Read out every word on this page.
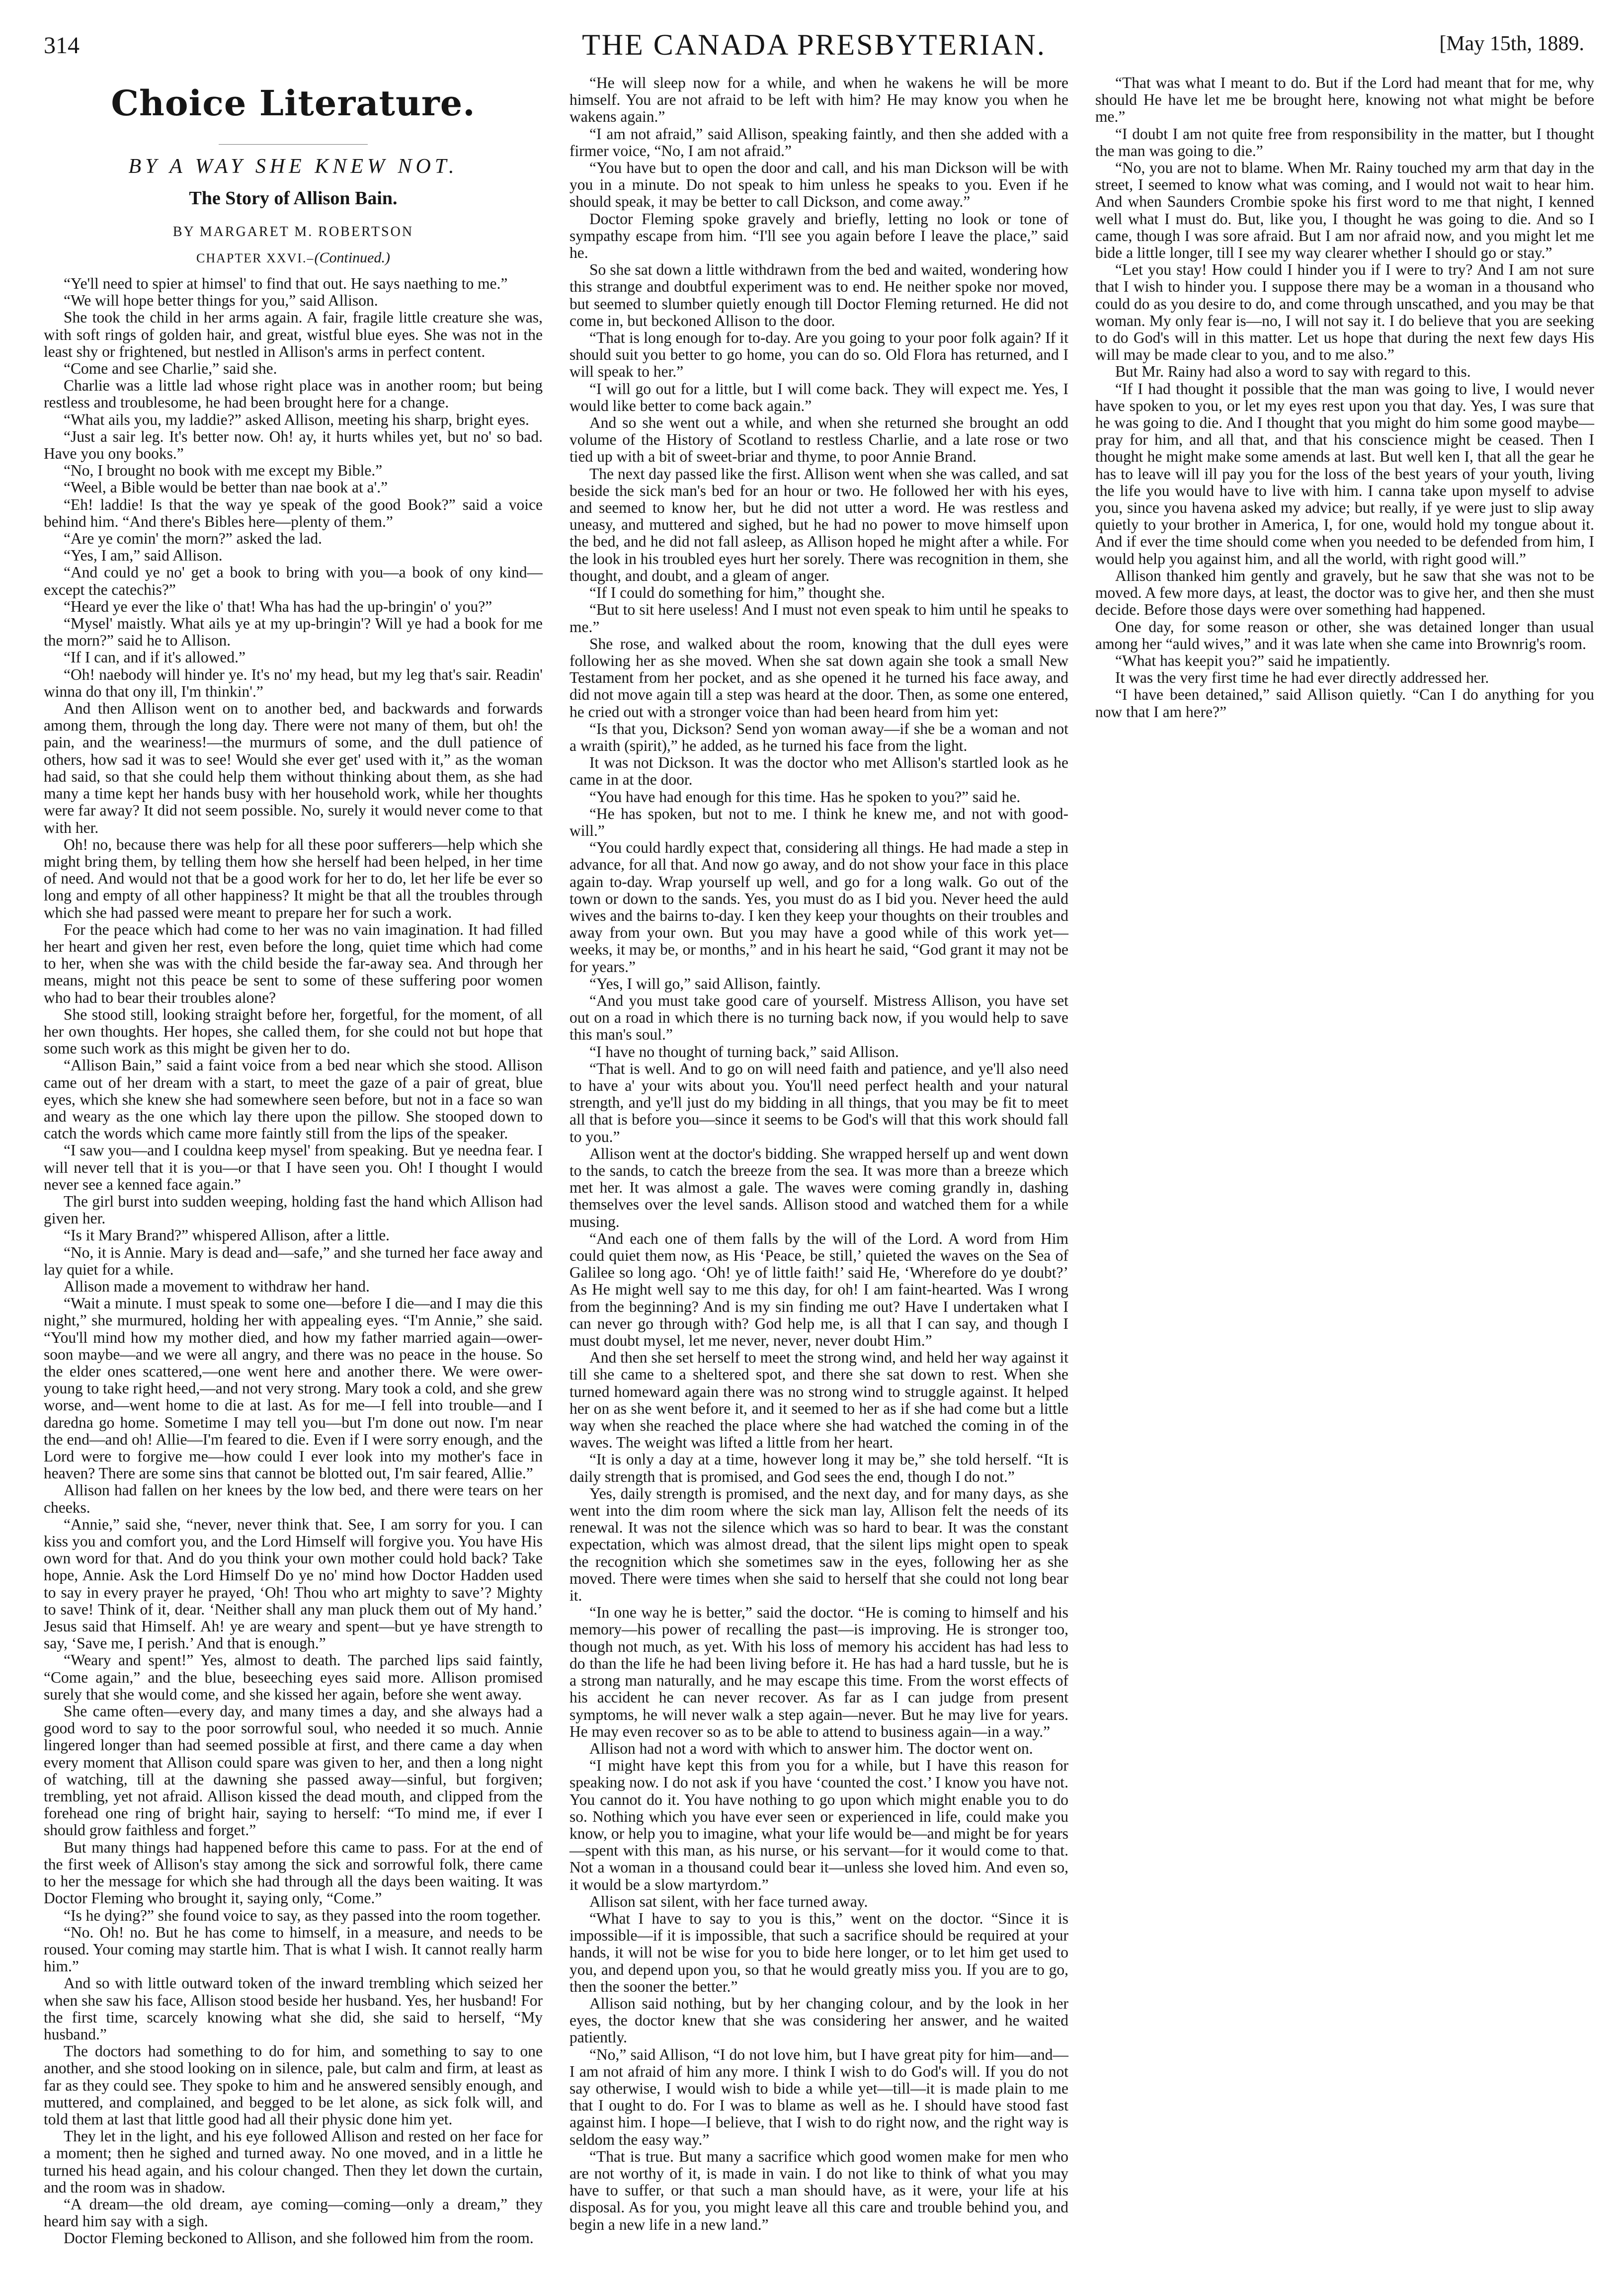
314	THE CANADA PRESBYTERIAN.	[May 15th, 1889.
Choice Literature.
BY A WAY SHE KNEW NOT.
The Story of Allison Bain.
BY MARGARET M. ROBERTSON
CHAPTER XXVI.–(Continued.)

“Ye'll need to spier at himsel' to find that out. He says naething to me.”

“We will hope better things for you,” said Allison.

She took the child in her arms again. A fair, fragile little creature she was, with soft rings of golden hair, and great, wistful blue eyes. She was not in the least shy or frightened, but nestled in Allison's arms in perfect content.

“Come and see Charlie,” said she.

Charlie was a little lad whose right place was in another room; but being restless and troublesome, he had been brought here for a change.

“What ails you, my laddie?” asked Allison, meeting his sharp, bright eyes.

“Just a sair leg. It's better now. Oh! ay, it hurts whiles yet, but no' so bad. Have you ony books.”

“No, I brought no book with me except my Bible.”

“Weel, a Bible would be better than nae book at a'.”

“Eh! laddie! Is that the way ye speak of the good Book?” said a voice behind him. “And there's Bibles here—plenty of them.”

“Are ye comin' the morn?” asked the lad.

“Yes, I am,” said Allison.

“And could ye no' get a book to bring with you—a book of ony kind—except the catechis?”

“Heard ye ever the like o' that! Wha has had the up-bringin' o' you?”

“Mysel' maistly. What ails ye at my up-bringin'? Will ye had a book for me the morn?” said he to Allison.

“If I can, and if it's allowed.”

“Oh! naebody will hinder ye. It's no' my head, but my leg that's sair. Readin' winna do that ony ill, I'm thinkin'.”

And then Allison went on to another bed, and backwards and forwards among them, through the long day. There were not many of them, but oh! the pain, and the weariness!—the murmurs of some, and the dull patience of others, how sad it was to see! Would she ever get' used with it,” as the woman had said, so that she could help them without thinking about them, as she had many a time kept her hands busy with her household work, while her thoughts were far away? It did not seem possible. No, surely it would never come to that with her.

Oh! no, because there was help for all these poor sufferers—help which she might bring them, by telling them how she herself had been helped, in her time of need. And would not that be a good work for her to do, let her life be ever so long and empty of all other happiness? It might be that all the troubles through which she had passed were meant to prepare her for such a work.

For the peace which had come to her was no vain imagination. It had filled her heart and given her rest, even before the long, quiet time which had come to her, when she was with the child beside the far-away sea. And through her means, might not this peace be sent to some of these suffering poor women who had to bear their troubles alone?

She stood still, looking straight before her, forgetful, for the moment, of all her own thoughts. Her hopes, she called them, for she could not but hope that some such work as this might be given her to do.

“Allison Bain,” said a faint voice from a bed near which she stood. Allison came out of her dream with a start, to meet the gaze of a pair of great, blue eyes, which she knew she had somewhere seen before, but not in a face so wan and weary as the one which lay there upon the pillow. She stooped down to catch the words which came more faintly still from the lips of the speaker.

“I saw you—and I couldna keep mysel' from speaking. But ye needna fear. I will never tell that it is you—or that I have seen you. Oh! I thought I would never see a kenned face again.”

The girl burst into sudden weeping, holding fast the hand which Allison had given her.

“Is it Mary Brand?” whispered Allison, after a little.

“No, it is Annie. Mary is dead and—safe,” and she turned her face away and lay quiet for a while.

Allison made a movement to withdraw her hand.

“Wait a minute. I must speak to some one—before I die—and I may die this night,” she murmured, holding her with appealing eyes. “I'm Annie,” she said. “You'll mind how my mother died, and how my father married again—ower-soon maybe—and we were all angry, and there was no peace in the house. So the elder ones scattered,—one went here and another there. We were ower-young to take right heed,—and not very strong. Mary took a cold, and she grew worse, and—went home to die at last. As for me—I fell into trouble—and I daredna go home. Sometime I may tell you—but I'm done out now. I'm near the end—and oh! Allie—I'm feared to die. Even if I were sorry enough, and the Lord were to forgive me—how could I ever look into my mother's face in heaven? There are some sins that cannot be blotted out, I'm sair feared, Allie.”

Allison had fallen on her knees by the low bed, and there were tears on her cheeks.

“Annie,” said she, “never, never think that. See, I am sorry for you. I can kiss you and comfort you, and the Lord Himself will forgive you. You have His own word for that. And do you think your own mother could hold back? Take hope, Annie. Ask the Lord Himself Do ye no' mind how Doctor Hadden used to say in every prayer he prayed, ‘Oh! Thou who art mighty to save’? Mighty to save! Think of it, dear. ‘Neither shall any man pluck them out of My hand.’ Jesus said that Himself. Ah! ye are weary and spent—but ye have strength to say, ‘Save me, I perish.’ And that is enough.”

“Weary and spent!” Yes, almost to death. The parched lips said faintly, “Come again,” and the blue, beseeching eyes said more. Allison promised surely that she would come, and she kissed her again, before she went away.

She came often—every day, and many times a day, and she always had a good word to say to the poor sorrowful soul, who needed it so much. Annie lingered longer than had seemed possible at first, and there came a day when every moment that Allison could spare was given to her, and then a long night of watching, till at the dawning she passed away—sinful, but forgiven; trembling, yet not afraid. Allison kissed the dead mouth, and clipped from the forehead one ring of bright hair, saying to herself: “To mind me, if ever I should grow faithless and forget.”

But many things had happened before this came to pass. For at the end of the first week of Allison's stay among the sick and sorrowful folk, there came to her the message for which she had through all the days been waiting. It was Doctor Fleming who brought it, saying only, “Come.”

“Is he dying?” she found voice to say, as they passed into the room together.

“No. Oh! no. But he has come to himself, in a measure, and needs to be roused. Your coming may startle him. That is what I wish. It cannot really harm him.”

And so with little outward token of the inward trembling which seized her when she saw his face, Allison stood beside her husband. Yes, her husband! For the first time, scarcely knowing what she did, she said to herself, “My husband.”

The doctors had something to do for him, and something to say to one another, and she stood looking on in silence, pale, but calm and firm, at least as far as they could see. They spoke to him and he answered sensibly enough, and muttered, and complained, and begged to be let alone, as sick folk will, and told them at last that little good had all their physic done him yet.

They let in the light, and his eye followed Allison and rested on her face for a moment; then he sighed and turned away. No one moved, and in a little he turned his head again, and his colour changed. Then they let down the curtain, and the room was in shadow.

“A dream—the old dream, aye coming—coming—only a dream,” they heard him say with a sigh.

Doctor Fleming beckoned to Allison, and she followed him from the room.

“He will sleep now for a while, and when he wakens he will be more himself. You are not afraid to be left with him? He may know you when he wakens again.”

“I am not afraid,” said Allison, speaking faintly, and then she added with a firmer voice, “No, I am not afraid.”

“You have but to open the door and call, and his man Dickson will be with you in a minute. Do not speak to him unless he speaks to you. Even if he should speak, it may be better to call Dickson, and come away.”

Doctor Fleming spoke gravely and briefly, letting no look or tone of sympathy escape from him. “I'll see you again before I leave the place,” said he.

So she sat down a little withdrawn from the bed and waited, wondering how this strange and doubtful experiment was to end. He neither spoke nor moved, but seemed to slumber quietly enough till Doctor Fleming returned. He did not come in, but beckoned Allison to the door.

“That is long enough for to-day. Are you going to your poor folk again? If it should suit you better to go home, you can do so. Old Flora has returned, and I will speak to her.”

“I will go out for a little, but I will come back. They will expect me. Yes, I would like better to come back again.”

And so she went out a while, and when she returned she brought an odd volume of the History of Scotland to restless Charlie, and a late rose or two tied up with a bit of sweet-briar and thyme, to poor Annie Brand.

The next day passed like the first. Allison went when she was called, and sat beside the sick man's bed for an hour or two. He followed her with his eyes, and seemed to know her, but he did not utter a word. He was restless and uneasy, and muttered and sighed, but he had no power to move himself upon the bed, and he did not fall asleep, as Allison hoped he might after a while. For the look in his troubled eyes hurt her sorely. There was recognition in them, she thought, and doubt, and a gleam of anger.

“If I could do something for him,” thought she.

“But to sit here useless! And I must not even speak to him until he speaks to me.”

She rose, and walked about the room, knowing that the dull eyes were following her as she moved. When she sat down again she took a small New Testament from her pocket, and as she opened it he turned his face away, and did not move again till a step was heard at the door. Then, as some one entered, he cried out with a stronger voice than had been heard from him yet:

“Is that you, Dickson? Send yon woman away—if she be a woman and not a wraith (spirit),” he added, as he turned his face from the light.

It was not Dickson. It was the doctor who met Allison's startled look as he came in at the door.

“You have had enough for this time. Has he spoken to you?” said he.

“He has spoken, but not to me. I think he knew me, and not with good-will.”

“You could hardly expect that, considering all things. He had made a step in advance, for all that. And now go away, and do not show your face in this place again to-day. Wrap yourself up well, and go for a long walk. Go out of the town or down to the sands. Yes, you must do as I bid you. Never heed the auld wives and the bairns to-day. I ken they keep your thoughts on their troubles and away from your own. But you may have a good while of this work yet—weeks, it may be, or months,” and in his heart he said, “God grant it may not be for years.”

“Yes, I will go,” said Allison, faintly.

“And you must take good care of yourself. Mistress Allison, you have set out on a road in which there is no turning back now, if you would help to save this man's soul.”

“I have no thought of turning back,” said Allison.

“That is well. And to go on will need faith and patience, and ye'll also need to have a' your wits about you. You'll need perfect health and your natural strength, and ye'll just do my bidding in all things, that you may be fit to meet all that is before you—since it seems to be God's will that this work should fall to you.”

Allison went at the doctor's bidding. She wrapped herself up and went down to the sands, to catch the breeze from the sea. It was more than a breeze which met her. It was almost a gale. The waves were coming grandly in, dashing themselves over the level sands. Allison stood and watched them for a while musing.

“And each one of them falls by the will of the Lord. A word from Him could quiet them now, as His ‘Peace, be still,’ quieted the waves on the Sea of Galilee so long ago. ‘Oh! ye of little faith!’ said He, ‘Wherefore do ye doubt?’ As He might well say to me this day, for oh! I am faint-hearted. Was I wrong from the beginning? And is my sin finding me out? Have I undertaken what I can never go through with? God help me, is all that I can say, and though I must doubt mysel, let me never, never, never doubt Him.”

And then she set herself to meet the strong wind, and held her way against it till she came to a sheltered spot, and there she sat down to rest. When she turned homeward again there was no strong wind to struggle against. It helped her on as she went before it, and it seemed to her as if she had come but a little way when she reached the place where she had watched the coming in of the waves. The weight was lifted a little from her heart.

“It is only a day at a time, however long it may be,” she told herself. “It is daily strength that is promised, and God sees the end, though I do not.”

Yes, daily strength is promised, and the next day, and for many days, as she went into the dim room where the sick man lay, Allison felt the needs of its renewal. It was not the silence which was so hard to bear. It was the constant expectation, which was almost dread, that the silent lips might open to speak the recognition which she sometimes saw in the eyes, following her as she moved. There were times when she said to herself that she could not long bear it.

“In one way he is better,” said the doctor. “He is coming to himself and his memory—his power of recalling the past—is improving. He is stronger too, though not much, as yet. With his loss of memory his accident has had less to do than the life he had been living before it. He has had a hard tussle, but he is a strong man naturally, and he may escape this time. From the worst effects of his accident he can never recover. As far as I can judge from present symptoms, he will never walk a step again—never. But he may live for years. He may even recover so as to be able to attend to business again—in a way.”

Allison had not a word with which to answer him. The doctor went on.

“I might have kept this from you for a while, but I have this reason for speaking now. I do not ask if you have ‘counted the cost.’ I know you have not. You cannot do it. You have nothing to go upon which might enable you to do so. Nothing which you have ever seen or experienced in life, could make you know, or help you to imagine, what your life would be—and might be for years—spent with this man, as his nurse, or his servant—for it would come to that. Not a woman in a thousand could bear it—unless she loved him. And even so, it would be a slow martyrdom.”

Allison sat silent, with her face turned away.

“What I have to say to you is this,” went on the doctor. “Since it is impossible—if it is impossible, that such a sacrifice should be required at your hands, it will not be wise for you to bide here longer, or to let him get used to you, and depend upon you, so that he would greatly miss you. If you are to go, then the sooner the better.”

Allison said nothing, but by her changing colour, and by the look in her eyes, the doctor knew that she was considering her answer, and he waited patiently.

“No,” said Allison, “I do not love him, but I have great pity for him—and—I am not afraid of him any more. I think I wish to do God's will. If you do not say otherwise, I would wish to bide a while yet—till—it is made plain to me that I ought to do. For I was to blame as well as he. I should have stood fast against him. I hope—I believe, that I wish to do right now, and the right way is seldom the easy way.”

“That is true. But many a sacrifice which good women make for men who are not worthy of it, is made in vain. I do not like to think of what you may have to suffer, or that such a man should have, as it were, your life at his disposal. As for you, you might leave all this care and trouble behind you, and begin a new life in a new land.”

“That was what I meant to do. But if the Lord had meant that for me, why should He have let me be brought here, knowing not what might be before me.”

“I doubt I am not quite free from responsibility in the matter, but I thought the man was going to die.”

“No, you are not to blame. When Mr. Rainy touched my arm that day in the street, I seemed to know what was coming, and I would not wait to hear him. And when Saunders Crombie spoke his first word to me that night, I kenned well what I must do. But, like you, I thought he was going to die. And so I came, though I was sore afraid. But I am nor afraid now, and you might let me bide a little longer, till I see my way clearer whether I should go or stay.”

“Let you stay! How could I hinder you if I were to try? And I am not sure that I wish to hinder you. I suppose there may be a woman in a thousand who could do as you desire to do, and come through unscathed, and you may be that woman. My only fear is—no, I will not say it. I do believe that you are seeking to do God's will in this matter. Let us hope that during the next few days His will may be made clear to you, and to me also.”

But Mr. Rainy had also a word to say with regard to this.

“If I had thought it possible that the man was going to live, I would never have spoken to you, or let my eyes rest upon you that day. Yes, I was sure that he was going to die. And I thought that you might do him some good maybe—pray for him, and all that, and that his conscience might be ceased. Then I thought he might make some amends at last. But well ken I, that all the gear he has to leave will ill pay you for the loss of the best years of your youth, living the life you would have to live with him. I canna take upon myself to advise you, since you havena asked my advice; but really, if ye were just to slip away quietly to your brother in America, I, for one, would hold my tongue about it. And if ever the time should come when you needed to be defended from him, I would help you against him, and all the world, with right good will.”

Allison thanked him gently and gravely, but he saw that she was not to be moved. A few more days, at least, the doctor was to give her, and then she must decide. Before those days were over something had happened.

One day, for some reason or other, she was detained longer than usual among her “auld wives,” and it was late when she came into Brownrig's room.

“What has keepit you?” said he impatiently.

It was the very first time he had ever directly addressed her.

“I have been detained,” said Allison quietly. “Can I do anything for you now that I am here?”
